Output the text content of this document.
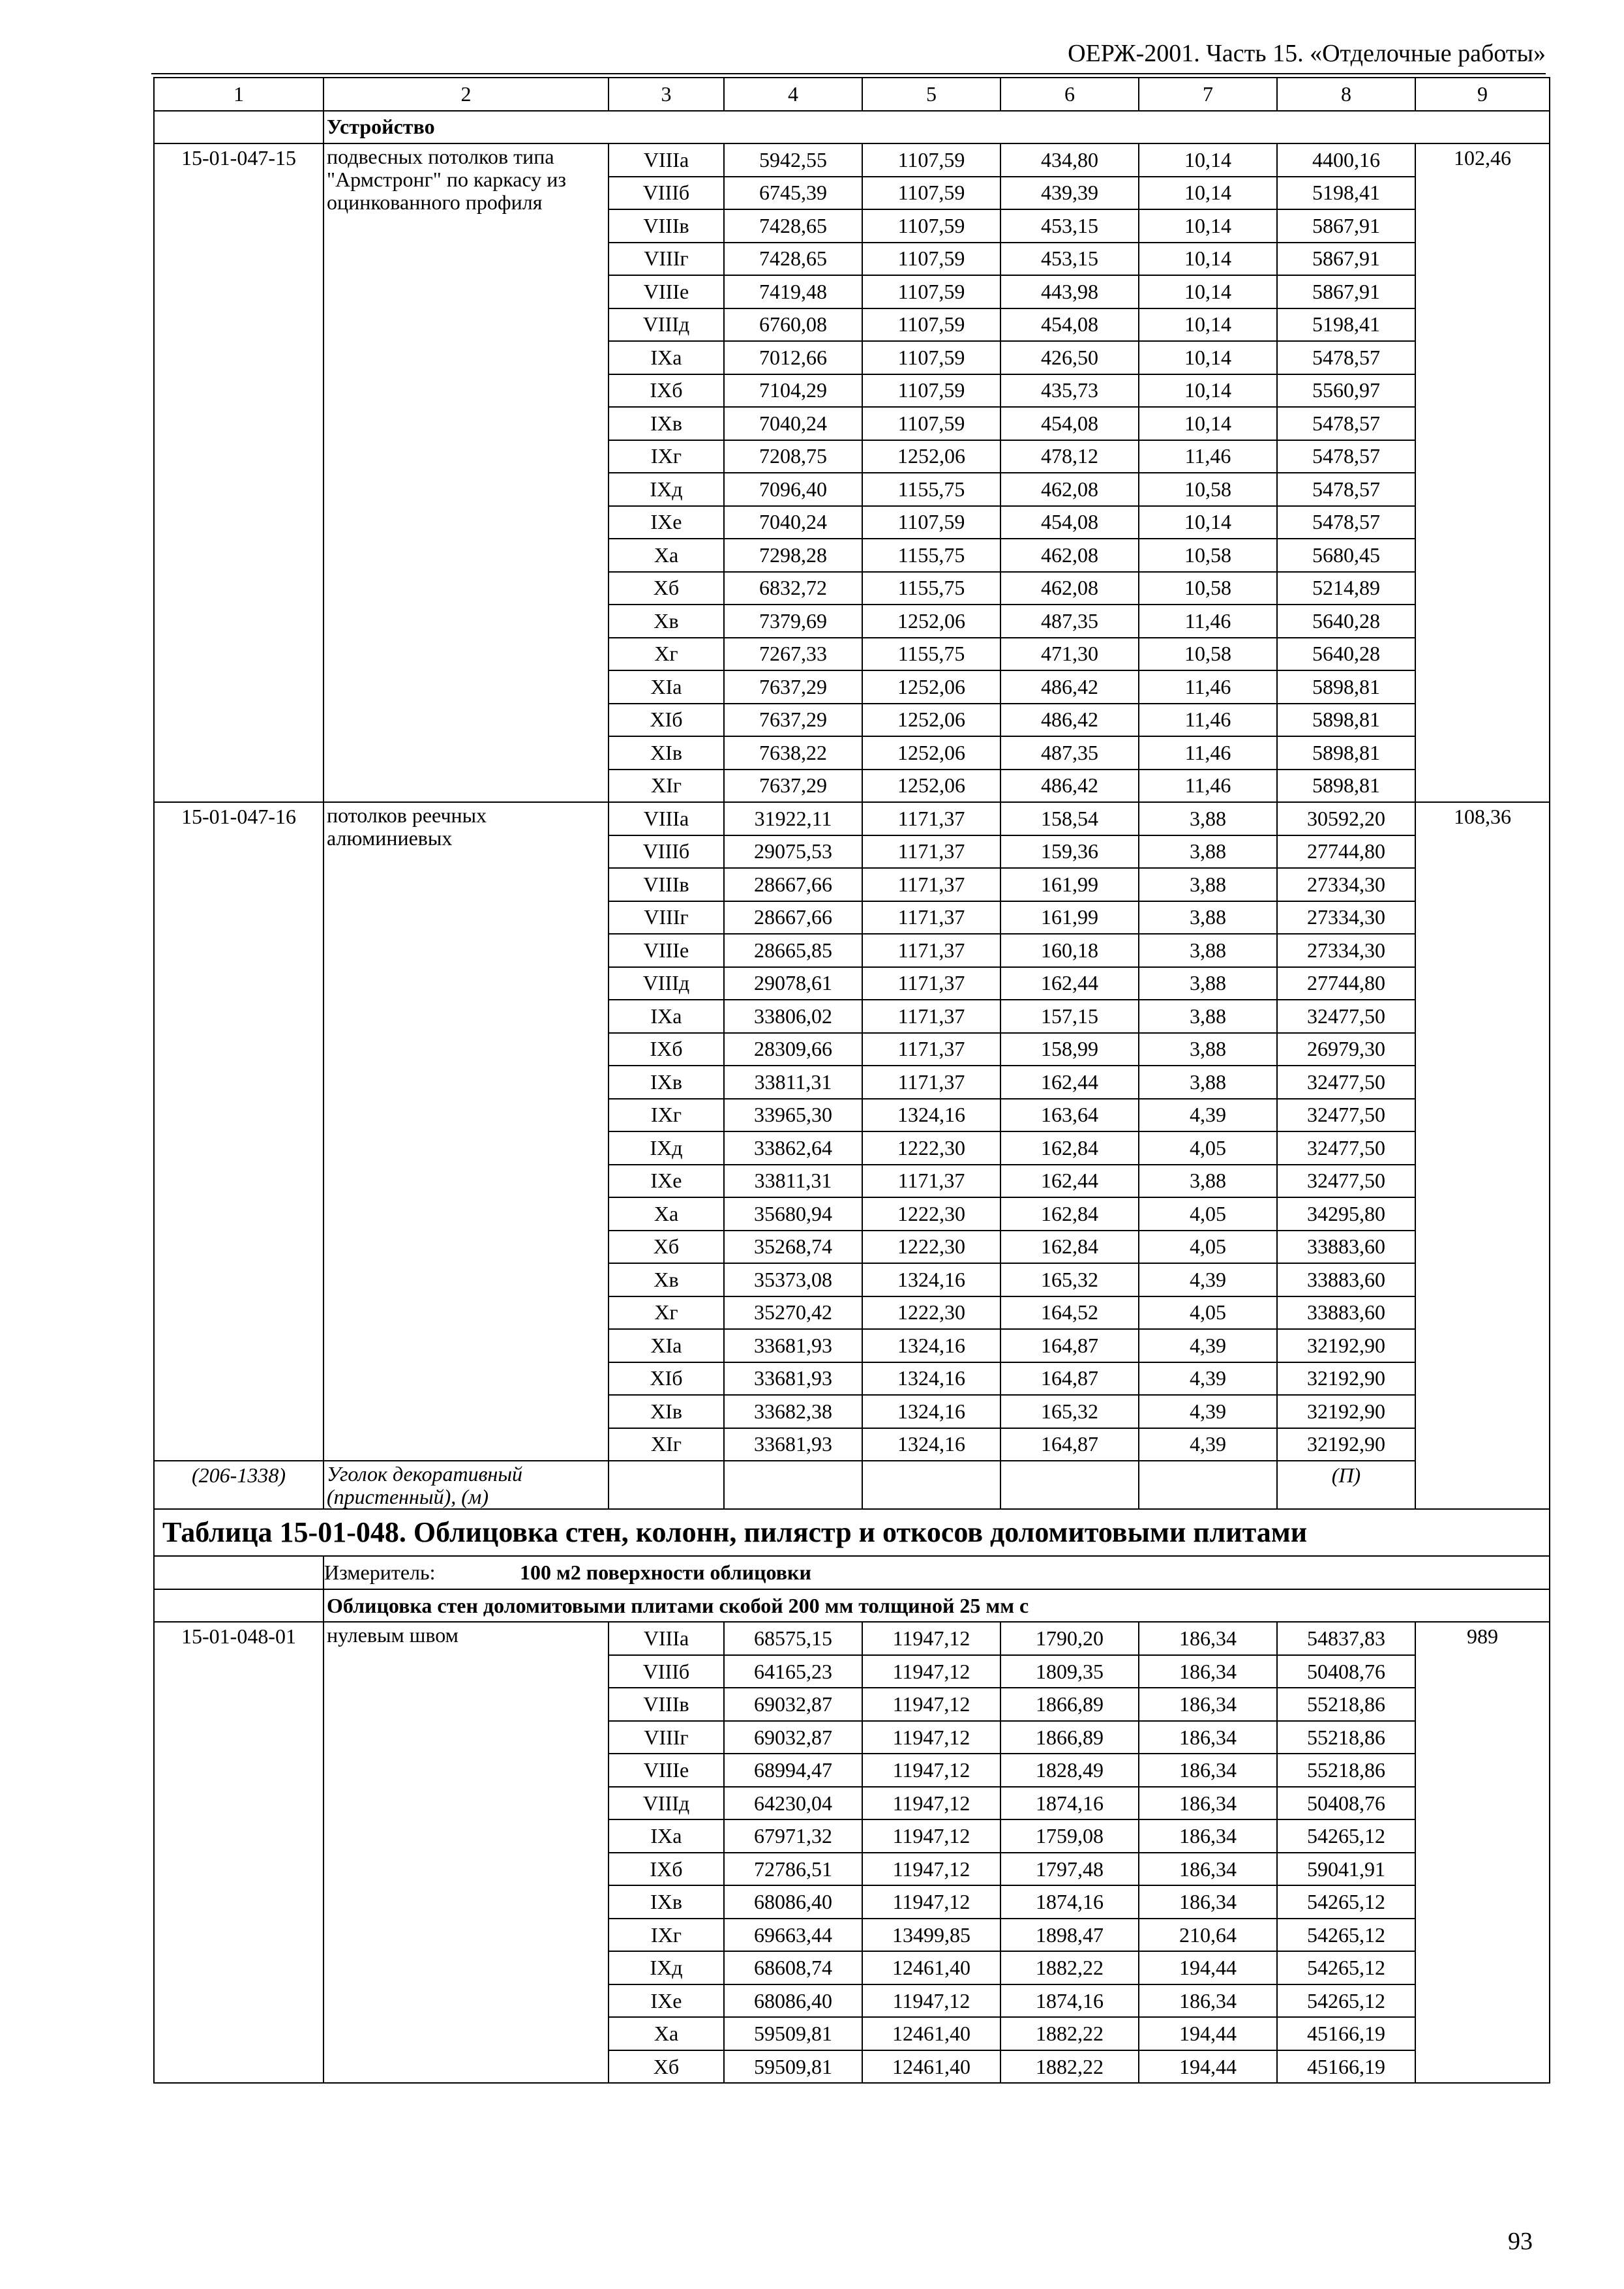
ОЕРЖ-2001. Часть 15. «Отделочные работы»
1	2	3	4	5	6	7	8	9
	Устройство							
15-01-047-15	подвесных потолков типа "Армстронг" по каркасу из оцинкованного профиля	VIIIа	5942,55	1107,59	434,80	10,14	4400,16	102,46
		VIIIб	6745,39	1107,59	439,39	10,14	5198,41	
		VIIIв	7428,65	1107,59	453,15	10,14	5867,91	
		VIIIг	7428,65	1107,59	453,15	10,14	5867,91	
		VIIIе	7419,48	1107,59	443,98	10,14	5867,91	
		VIIIд	6760,08	1107,59	454,08	10,14	5198,41	
		IXа	7012,66	1107,59	426,50	10,14	5478,57	
		IXб	7104,29	1107,59	435,73	10,14	5560,97	
		IXв	7040,24	1107,59	454,08	10,14	5478,57	
		IXг	7208,75	1252,06	478,12	11,46	5478,57	
		IXд	7096,40	1155,75	462,08	10,58	5478,57	
		IXе	7040,24	1107,59	454,08	10,14	5478,57	
		Xа	7298,28	1155,75	462,08	10,58	5680,45	
		Xб	6832,72	1155,75	462,08	10,58	5214,89	
		Xв	7379,69	1252,06	487,35	11,46	5640,28	
		Xг	7267,33	1155,75	471,30	10,58	5640,28	
		XIа	7637,29	1252,06	486,42	11,46	5898,81	
		XIб	7637,29	1252,06	486,42	11,46	5898,81	
		XIв	7638,22	1252,06	487,35	11,46	5898,81	
		XIг	7637,29	1252,06	486,42	11,46	5898,81	
15-01-047-16	потолков реечных алюминиевых	VIIIа	31922,11	1171,37	158,54	3,88	30592,20	108,36
		VIIIб	29075,53	1171,37	159,36	3,88	27744,80	
		VIIIв	28667,66	1171,37	161,99	3,88	27334,30	
		VIIIг	28667,66	1171,37	161,99	3,88	27334,30	
		VIIIе	28665,85	1171,37	160,18	3,88	27334,30	
		VIIIд	29078,61	1171,37	162,44	3,88	27744,80	
		IXа	33806,02	1171,37	157,15	3,88	32477,50	
		IXб	28309,66	1171,37	158,99	3,88	26979,30	
		IXв	33811,31	1171,37	162,44	3,88	32477,50	
		IXг	33965,30	1324,16	163,64	4,39	32477,50	
		IXд	33862,64	1222,30	162,84	4,05	32477,50	
		IXе	33811,31	1171,37	162,44	3,88	32477,50	
		Xа	35680,94	1222,30	162,84	4,05	34295,80	
		Xб	35268,74	1222,30	162,84	4,05	33883,60	
		Xв	35373,08	1324,16	165,32	4,39	33883,60	
		Xг	35270,42	1222,30	164,52	4,05	33883,60	
		XIа	33681,93	1324,16	164,87	4,39	32192,90	
		XIб	33681,93	1324,16	164,87	4,39	32192,90	
		XIв	33682,38	1324,16	165,32	4,39	32192,90	
		XIг	33681,93	1324,16	164,87	4,39	32192,90	
(206-1338)	Уголок декоративный (пристенный), (м)						(П)	
Таблица 15-01-048. Облицовка стен, колонн, пилястр и откосов доломитовыми плитами								
	Измеритель: 100 м2 поверхности облицовки							
	Облицовка стен доломитовыми плитами скобой 200 мм толщиной 25 мм с							
15-01-048-01	нулевым швом	VIIIа	68575,15	11947,12	1790,20	186,34	54837,83	989
		VIIIб	64165,23	11947,12	1809,35	186,34	50408,76	
		VIIIв	69032,87	11947,12	1866,89	186,34	55218,86	
		VIIIг	69032,87	11947,12	1866,89	186,34	55218,86	
		VIIIе	68994,47	11947,12	1828,49	186,34	55218,86	
		VIIIд	64230,04	11947,12	1874,16	186,34	50408,76	
		IXа	67971,32	11947,12	1759,08	186,34	54265,12	
		IXб	72786,51	11947,12	1797,48	186,34	59041,91	
		IXв	68086,40	11947,12	1874,16	186,34	54265,12	
		IXг	69663,44	13499,85	1898,47	210,64	54265,12	
		IXд	68608,74	12461,40	1882,22	194,44	54265,12	
		IXе	68086,40	11947,12	1874,16	186,34	54265,12	
		Xа	59509,81	12461,40	1882,22	194,44	45166,19	
		Xб	59509,81	12461,40	1882,22	194,44	45166,19	
93
